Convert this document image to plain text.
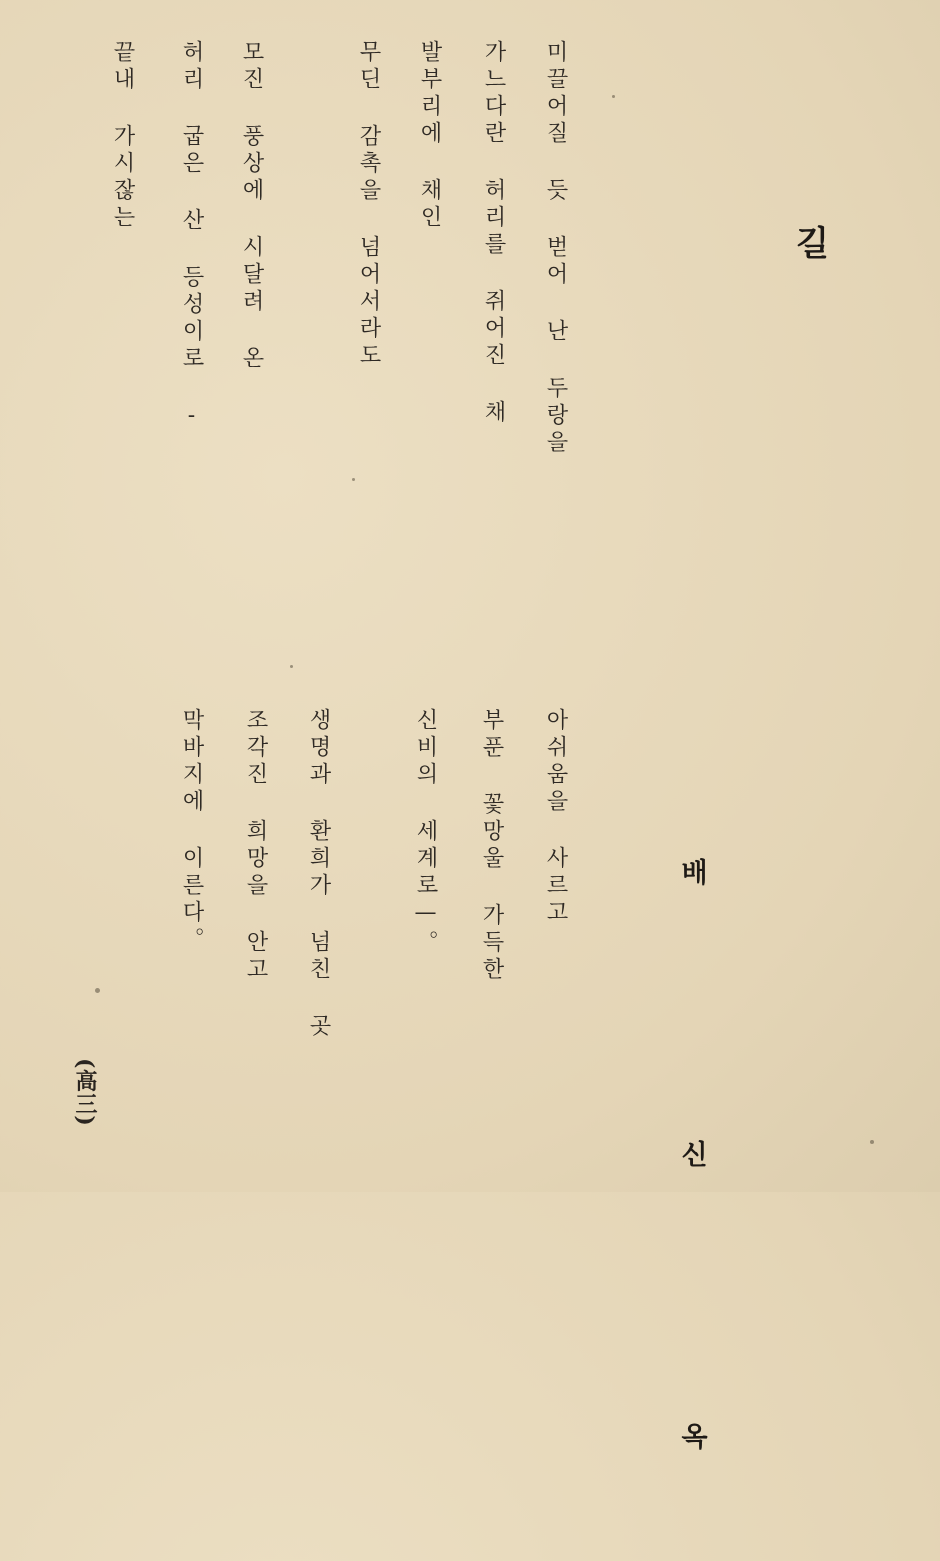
길
배 신 옥
미끌어질 듯 벋어 난 두랑을
가느다란 허리를 쥐어진 채
발부리에 채인
무딘 감촉을 넘어서라도
모진 풍상에 시달려 온
허리 굽은 산 등성이로 -
끝내 가시잖는
아쉬움을 사르고
부푼 꽃망울 가득한
신비의 세계로—。
생명과 환희가 넘친 곳
조각진 희망을 안고
막바지에 이른다。
(高三)
